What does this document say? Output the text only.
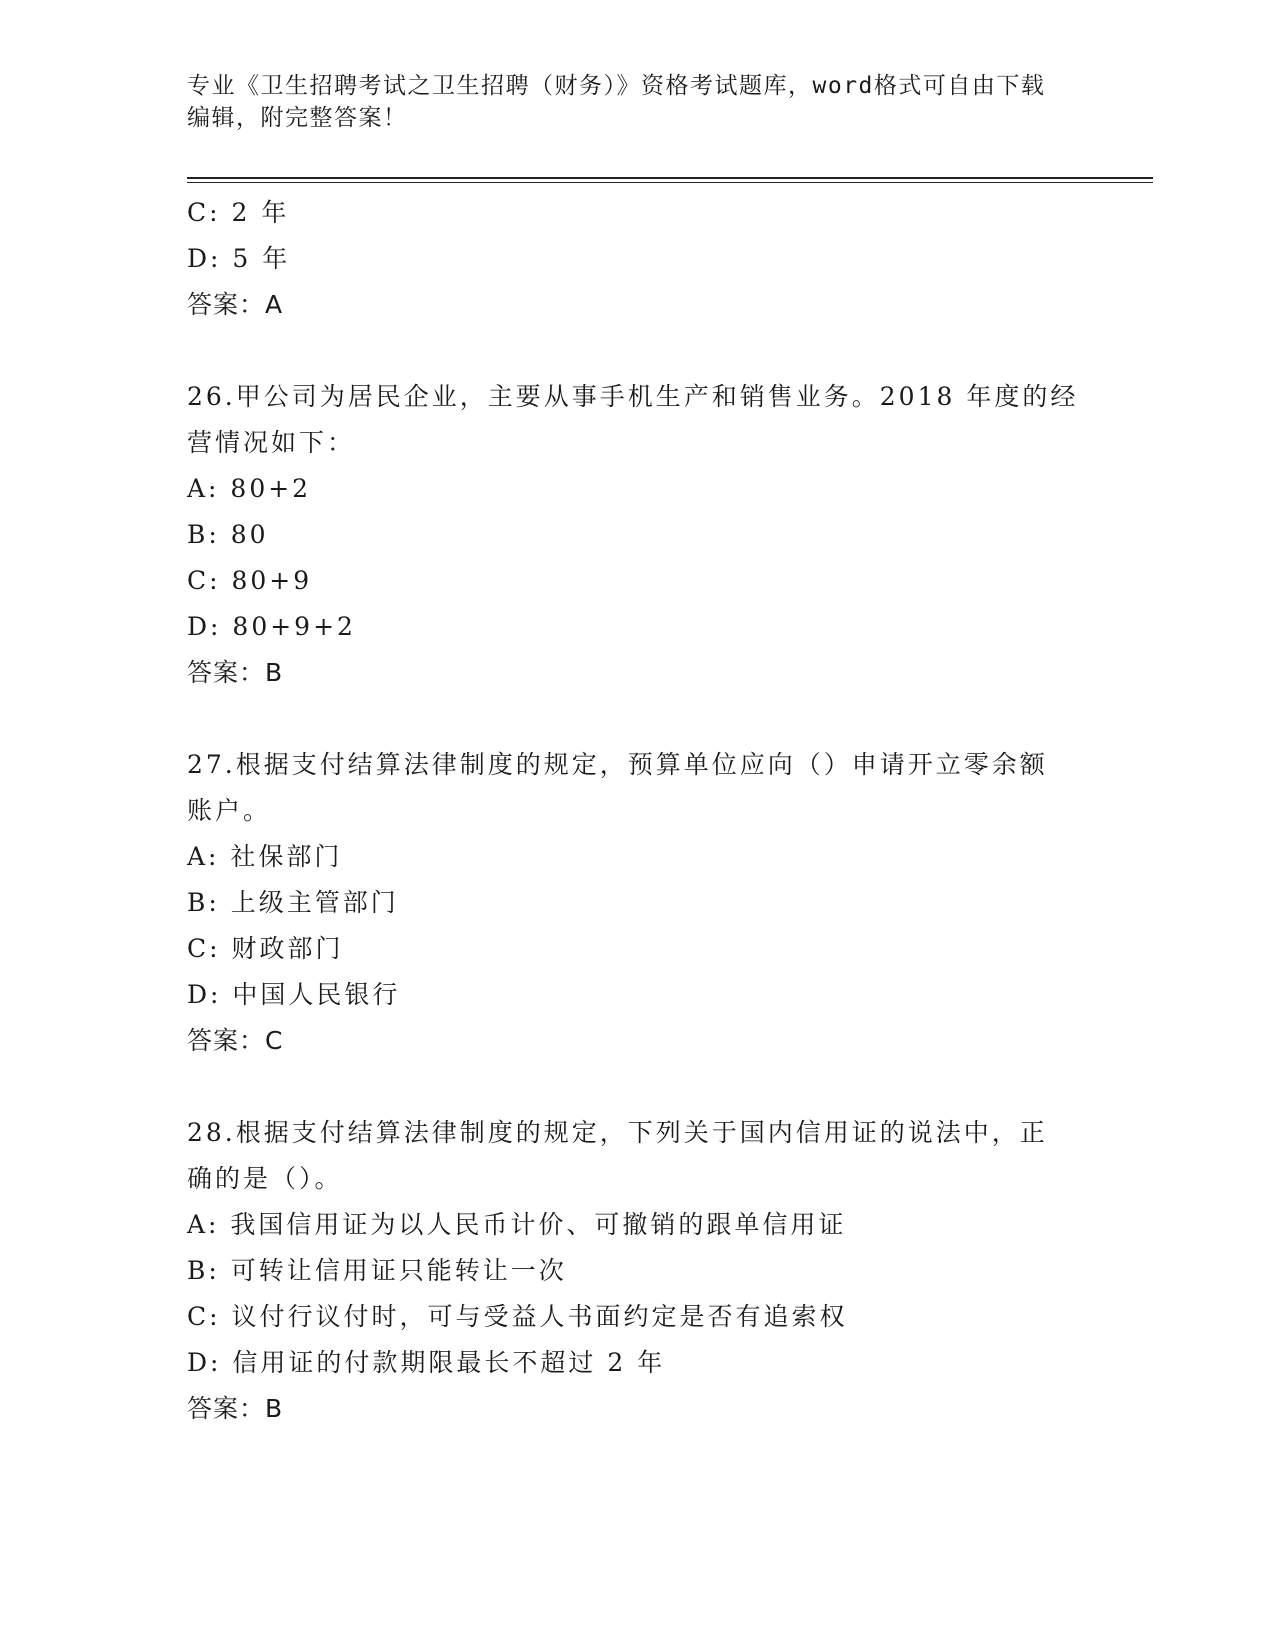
专业《卫生招聘考试之卫生招聘（财务）》资格考试题库，word格式可自由下载
编辑，附完整答案！
C: 2 年
D: 5 年
答案：A
26.甲公司为居民企业，主要从事手机生产和销售业务。2018 年度的经
营情况如下：
A: 80+2
B: 80
C: 80+9
D: 80+9+2
答案：B
27.根据支付结算法律制度的规定，预算单位应向（）申请开立零余额
账户。
A: 社保部门
B: 上级主管部门
C: 财政部门
D: 中国人民银行
答案：C
28.根据支付结算法律制度的规定，下列关于国内信用证的说法中，正
确的是（）。
A: 我国信用证为以人民币计价、可撤销的跟单信用证
B: 可转让信用证只能转让一次
C: 议付行议付时，可与受益人书面约定是否有追索权
D: 信用证的付款期限最长不超过 2 年
答案：B
